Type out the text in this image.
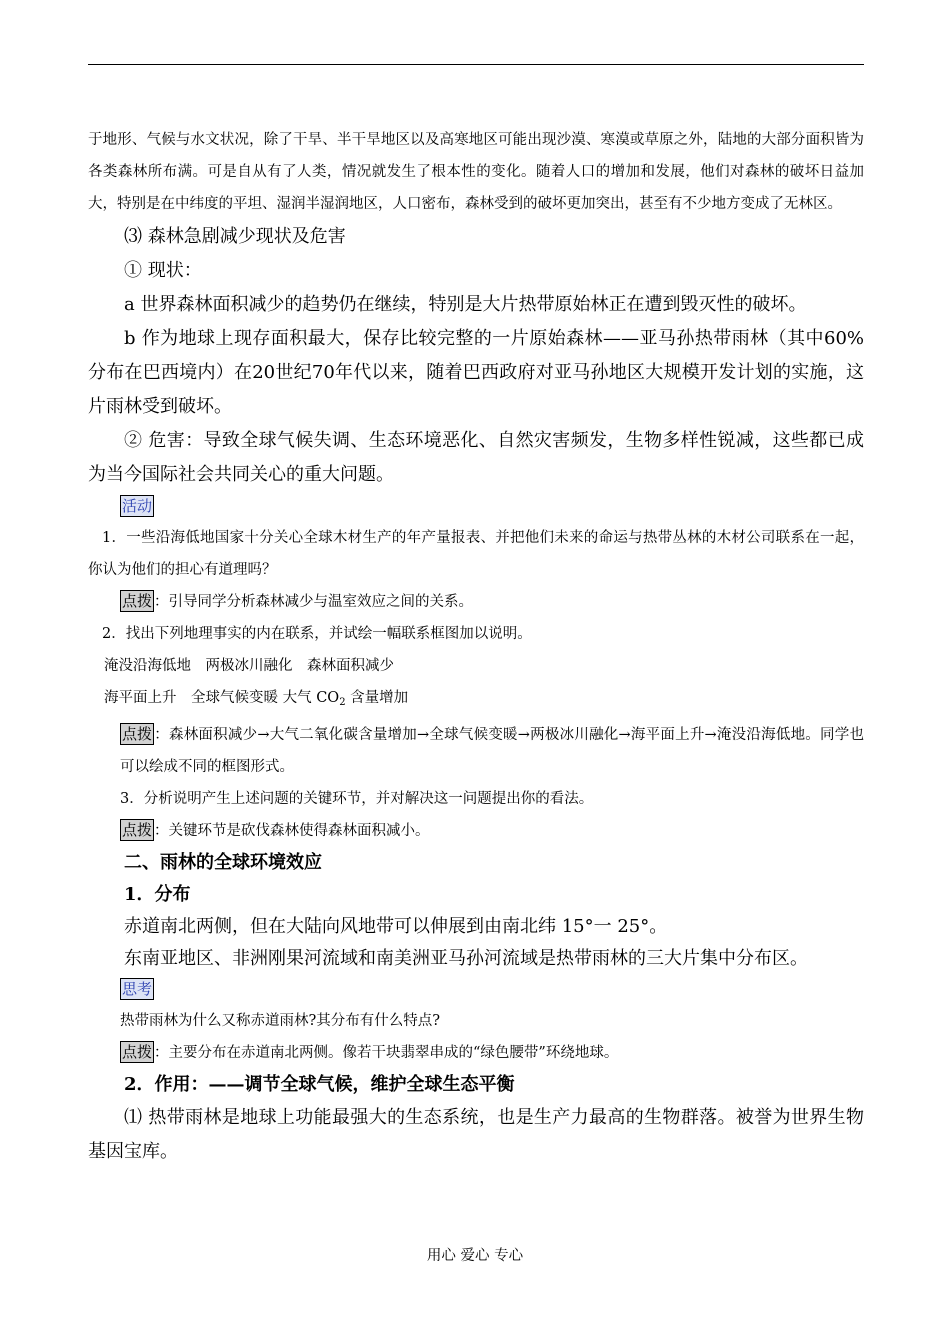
于地形、气候与水文状况，除了干旱、半干旱地区以及高寒地区可能出现沙漠、寒漠或草原之外，陆地的大部分面积皆为各类森林所布满。可是自从有了人类，情况就发生了根本性的变化。随着人口的增加和发展，他们对森林的破坏日益加大，特别是在中纬度的平坦、湿润半湿润地区，人口密布，森林受到的破坏更加突出，甚至有不少地方变成了无林区。

⑶ 森林急剧减少现状及危害

① 现状：

a 世界森林面积减少的趋势仍在继续，特别是大片热带原始林正在遭到毁灭性的破坏。

b 作为地球上现存面积最大，保存比较完整的一片原始森林——亚马孙热带雨林（其中60%分布在巴西境内）在20世纪70年代以来，随着巴西政府对亚马孙地区大规模开发计划的实施，这片雨林受到破坏。

② 危害：导致全球气候失调、生态环境恶化、自然灾害频发，生物多样性锐减，这些都已成为当今国际社会共同关心的重大问题。

活动

1．一些沿海低地国家十分关心全球木材生产的年产量报表、并把他们未来的命运与热带丛林的木材公司联系在一起，你认为他们的担心有道理吗？

点拨 ：引导同学分析森林减少与温室效应之间的关系。

2．找出下列地理事实的内在联系，并试绘一幅联系框图加以说明。

淹没沿海低地　两极冰川融化　森林面积减少

海平面上升　全球气候变暖 大气 $CO_2$ 含量增加

点拨 ：森林面积减少→大气二氧化碳含量增加→全球气候变暖→两极冰川融化→海平面上升→淹没沿海低地。同学也可以绘成不同的框图形式。

3．分析说明产生上述问题的关键环节，并对解决这一问题提出你的看法。

点拨 ：关键环节是砍伐森林使得森林面积减小。

二、雨林的全球环境效应

1．分布

赤道南北两侧，但在大陆向风地带可以伸展到由南北纬 15°一 25°。

东南亚地区、非洲刚果河流域和南美洲亚马孙河流域是热带雨林的三大片集中分布区。

思考

热带雨林为什么又称赤道雨林?其分布有什么特点?

点拨 ：主要分布在赤道南北两侧。像若干块翡翠串成的“绿色腰带”环绕地球。

2．作用：——调节全球气候，维护全球生态平衡

⑴ 热带雨林是地球上功能最强大的生态系统，也是生产力最高的生物群落。被誉为世界生物基因宝库。

用心 爱心 专心
